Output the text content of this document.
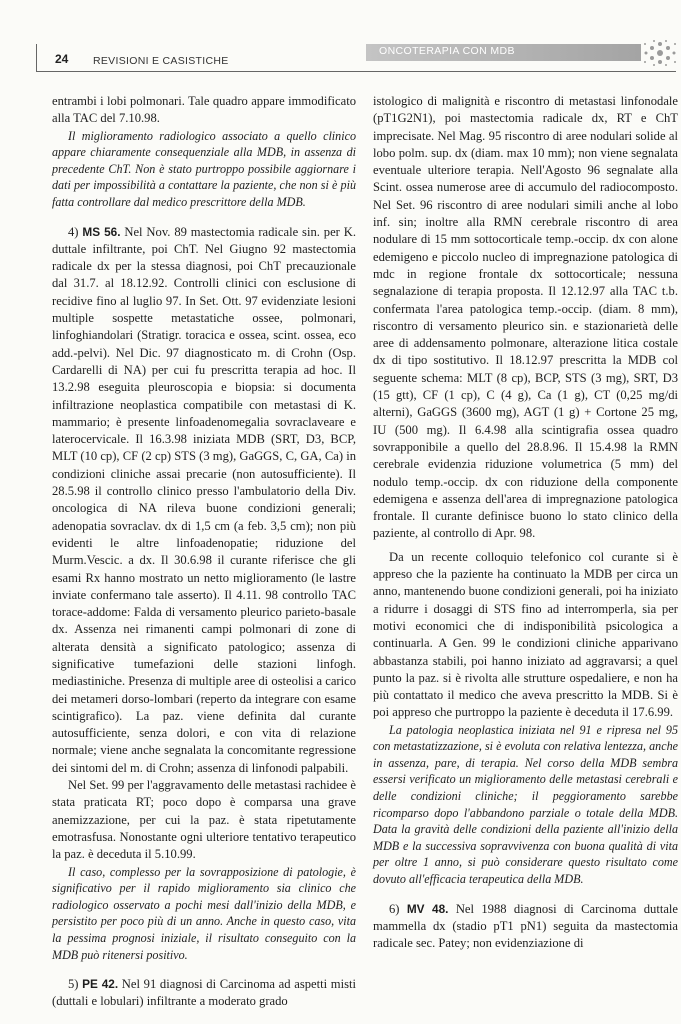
24 REVISIONI E CASISTICHE
ONCOTERAPIA CON MDB

entrambi i lobi polmonari. Tale quadro appare immodificato alla TAC del 7.10.98.

Il miglioramento radiologico associato a quello clinico appare chiaramente consequenziale alla MDB, in assenza di precedente ChT. Non è stato purtroppo possibile aggiornare i dati per impossibilità a contattare la paziente, che non si è più fatta controllare dal medico prescrittore della MDB.

4) MS 56. Nel Nov. 89 mastectomia radicale sin. per K. duttale infiltrante, poi ChT. Nel Giugno 92 mastectomia radicale dx per la stessa diagnosi, poi ChT precauzionale dal 31.7. al 18.12.92. Controlli clinici con esclusione di recidive fino al luglio 97. In Set. Ott. 97 evidenziate lesioni multiple sospette metastatiche ossee, polmonari, linfoghiandolari (Stratigr. toracica e ossea, scint. ossea, eco add.-pelvi). Nel Dic. 97 diagnosticato m. di Crohn (Osp. Cardarelli di NA) per cui fu prescritta terapia ad hoc. Il 13.2.98 eseguita pleuroscopia e biopsia: si documenta infiltrazione neoplastica compatibile con metastasi di K. mammario; è presente linfoadenomegalia sovraclaveare e laterocervicale. Il 16.3.98 iniziata MDB (SRT, D3, BCP, MLT (10 cp), CF (2 cp) STS (3 mg), GaGGS, C, GA, Ca) in condizioni cliniche assai precarie (non autosufficiente). Il 28.5.98 il controllo clinico presso l'ambulatorio della Div. oncologica di NA rileva buone condizioni generali; adenopatia sovraclav. dx di 1,5 cm (a feb. 3,5 cm); non più evidenti le altre linfoadenopatie; riduzione del Murm.Vescic. a dx. Il 30.6.98 il curante riferisce che gli esami Rx hanno mostrato un netto miglioramento (le lastre inviate confermano tale asserto). Il 4.11. 98 controllo TAC torace-addome: Falda di versamento pleurico parieto-basale dx. Assenza nei rimanenti campi polmonari di zone di alterata densità a significato patologico; assenza di significative tumefazioni delle stazioni linfogh. mediastiniche. Presenza di multiple aree di osteolisi a carico dei metameri dorso-lombari (reperto da integrare con esame scintigrafico). La paz. viene definita dal curante autosufficiente, senza dolori, e con vita di relazione normale; viene anche segnalata la concomitante regressione dei sintomi del m. di Crohn; assenza di linfonodi palpabili.

Nel Set. 99 per l'aggravamento delle metastasi rachidee è stata praticata RT; poco dopo è comparsa una grave anemizzazione, per cui la paz. è stata ripetutamente emotrasfusa. Nonostante ogni ulteriore tentativo terapeutico la paz. è deceduta il 5.10.99.

Il caso, complesso per la sovrapposizione di patologie, è significativo per il rapido miglioramento sia clinico che radiologico osservato a pochi mesi dall'inizio della MDB, e persistito per poco più di un anno. Anche in questo caso, vita la pessima prognosi iniziale, il risultato conseguito con la MDB può ritenersi positivo.

5) PE 42. Nel 91 diagnosi di Carcinoma ad aspetti misti (duttali e lobulari) infiltrante a moderato grado

istologico di malignità e riscontro di metastasi linfonodale (pT1G2N1), poi mastectomia radicale dx, RT e ChT imprecisate. Nel Mag. 95 riscontro di aree nodulari solide al lobo polm. sup. dx (diam. max 10 mm); non viene segnalata eventuale ulteriore terapia. Nell'Agosto 96 segnalate alla Scint. ossea numerose aree di accumulo del radiocomposto. Nel Set. 96 riscontro di aree nodulari simili anche al lobo inf. sin; inoltre alla RMN cerebrale riscontro di area nodulare di 15 mm sottocorticale temp.-occip. dx con alone edemigeno e piccolo nucleo di impregnazione patologica di mdc in regione frontale dx sottocorticale; nessuna segnalazione di terapia proposta. Il 12.12.97 alla TAC t.b. confermata l'area patologica temp.-occip. (diam. 8 mm), riscontro di versamento pleurico sin. e stazionarietà delle aree di addensamento polmonare, alterazione litica costale dx di tipo sostitutivo. Il 18.12.97 prescritta la MDB col seguente schema: MLT (8 cp), BCP, STS (3 mg), SRT, D3 (15 gtt), CF (1 cp), C (4 g), Ca (1 g), CT (0,25 mg/di alterni), GaGGS (3600 mg), AGT (1 g) + Cortone 25 mg, IU (500 mg). Il 6.4.98 alla scintigrafia ossea quadro sovrapponibile a quello del 28.8.96. Il 15.4.98 la RMN cerebrale evidenzia riduzione volumetrica (5 mm) del nodulo temp.-occip. dx con riduzione della componente edemigena e assenza dell'area di impregnazione patologica frontale. Il curante definisce buono lo stato clinico della paziente, al controllo di Apr. 98.

Da un recente colloquio telefonico col curante si è appreso che la paziente ha continuato la MDB per circa un anno, mantenendo buone condizioni generali, poi ha iniziato a ridurre i dosaggi di STS fino ad interromperla, sia per motivi economici che di indisponibilità psicologica a continuarla. A Gen. 99 le condizioni cliniche apparivano abbastanza stabili, poi hanno iniziato ad aggravarsi; a quel punto la paz. si è rivolta alle strutture ospedaliere, e non ha più contattato il medico che aveva prescritto la MDB. Si è poi appreso che purtroppo la paziente è deceduta il 17.6.99.

La patologia neoplastica iniziata nel 91 e ripresa nel 95 con metastatizzazione, si è evoluta con relativa lentezza, anche in assenza, pare, di terapia. Nel corso della MDB sembra essersi verificato un miglioramento delle metastasi cerebrali e delle condizioni cliniche; il peggioramento sarebbe ricomparso dopo l'abbandono parziale o totale della MDB. Data la gravità delle condizioni della paziente all'inizio della MDB e la successiva sopravvivenza con buona qualità di vita per oltre 1 anno, si può considerare questo risultato come dovuto all'efficacia terapeutica della MDB.

6) MV 48. Nel 1988 diagnosi di Carcinoma duttale mammella dx (stadio pT1 pN1) seguita da mastectomia radicale sec. Patey; non evidenziazione di
